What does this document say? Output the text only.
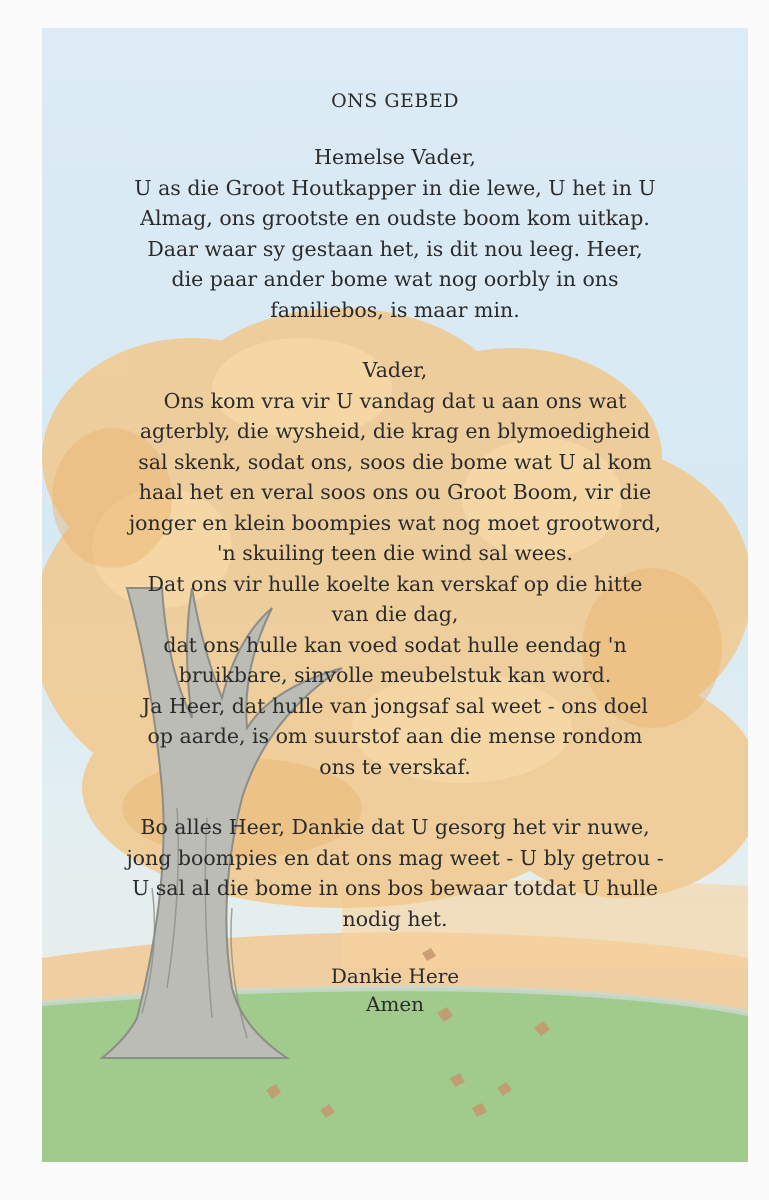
ONS GEBED

Hemelse Vader,
U as die Groot Houtkapper in die lewe, U het in U
Almag, ons grootste en oudste boom kom uitkap.
Daar waar sy gestaan het, is dit nou leeg. Heer,
die paar ander bome wat nog oorbly in ons
familiebos, is maar min.

Vader,
Ons kom vra vir U vandag dat u aan ons wat
agterbly, die wysheid, die krag en blymoedigheid
sal skenk, sodat ons, soos die bome wat U al kom
haal het en veral soos ons ou Groot Boom, vir die
jonger en klein boompies wat nog moet grootword,
'n skuiling teen die wind sal wees.
Dat ons vir hulle koelte kan verskaf op die hitte
van die dag,
dat ons hulle kan voed sodat hulle eendag 'n
bruikbare, sinvolle meubelstuk kan word.
Ja Heer, dat hulle van jongsaf sal weet - ons doel
op aarde, is om suurstof aan die mense rondom
ons te verskaf.

Bo alles Heer, Dankie dat U gesorg het vir nuwe,
jong boompies en dat ons mag weet - U bly getrou -
U sal al die bome in ons bos bewaar totdat U hulle
nodig het.

Dankie Here
Amen
